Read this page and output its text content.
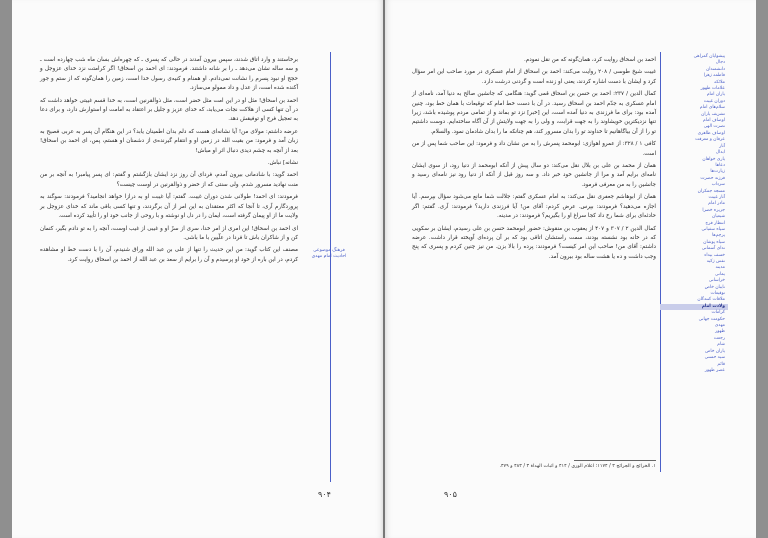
برخاستند و وارد اتاق شدند، سپس بیرون آمدند در حالی که پسری ـ که چهره‌اش بسان ماه شب چهارده است ـ و سه ساله نشان می‌دهد ـ را بر شانه داشتند. فرمودند: ای احمد بن اسحاق! اگر کرامتت نزد خدای عزوجل و حجج او نبود پسرم را نشانت نمی‌دادم. او همنام و کنیه‌ی رسول خدا است، زمین را همان‌گونه که از ستم و جور آکنده شده است، از عدل و داد ممولو می‌سازد.

احمد بن اسحاق! مثل او در این امت مثل خضر است، مثل ذوالقرنین است، به خدا قسم غیبتی خواهد داشت که در آن تنها کسی از هلاکت نجات می‌یابد، که خدای عزیز و جلیل بر اعتقاد به امامت او استوارش دارد، و برای دعا به تعجیل فرج او توفیقش دهد.

عرضه داشتم: مولای من! آیا نشانه‌ای هست که دلم بدان اطمینان یابد؟ در این هنگام آن پسر به عربی فصیح به زبان آمد و فرمود: من بقیت الله در زمین او و انتقام گیرنده‌ی از دشمنان او هستم، پس، ای احمد بن اسحاق! بعد از آنچه به چشم دیدی دنبال اثر او مباش!

نشانه] نباش.

احمد گوید: با شادمانی بیرون آمدم، فردای آن روز نزد ایشان بازگشتم و گفتم: ای پسر پیامبر! به آنچه بر من منت نهادید مسرور شدم. ولی سنتی که از خضر و ذوالقرنین در اوست چیست؟

فرمودند: ای احمد! طولانی شدن دوران غیبت. گفتم: آیا غیبت او به درازا خواهد انجامید؟ فرمودند: سوگند به پروردگارم آری، تا آنجا که اکثر معتقدان به این امر از آن برگردند، و تنها کسی باقی ماند که خدای عزوجل بر ولایت ما از او پیمان گرفته است، ایمان را در دل او نوشته و با روحی از جانب خود او را تأیید کرده است.

ای احمد بن اسحاق! این امری از امر خدا، سری از سرّ او و غیبی از غیب اوست، آنچه را به تو دادم بگیر، کتمان کن و از شاکران باش تا فردا در علّیین با ما باشی.

مصنف این کتاب گوید: من این حدیث را تنها از علی بن عبد الله وراق شنیدم، آن را با دست خط او مشاهده کردم، در این باره از خود او پرسیدم و آن را برایم از سعد بن عبد الله از احمد بن اسحاق روایت کرد.

فرهنگ موضوعی احادیث امام مهدی
۹۰۴

احمد بن اسحاق روایت کرد، همان‌گونه که من نقل نمودم.

غیبت شیخ طوسی / ۲۰۸ روایت می‌کند: احمد بن اسحاق از امام عسکری در مورد صاحب این امر سؤال کرد و ایشان با دست اشاره کردند، یعنی او زنده است و گردنی درشت دارد.

کمال الدین / ۲۳۷: احمد بن حسن بن اسحاق قمی گوید: هنگامی که جانشین صالح به دنیا آمد، نامه‌ای از امام عسکری به جدّم احمد بن اسحاق رسید. در آن با دست خط امام که توقیعات با همان خط بود، چنین آمده بود: برای ما فرزندی به دنیا آمده است، این [خبر] نزد تو بماند و از تمامی مردم پوشیده باشد، زیرا تنها نزدیکترین خویشاوند را به جهت قرابت، و ولی را به جهت ولایتش از آن آگاه ساخته‌ایم. دوست داشتیم تو را از آن بیاگاهانیم تا خداوند تو را بدان مسرور کند، هم چنانکه ما را بدان شادمان نمود. والسلام.

کافی ۱ / ۳۲۸: از عمرو اهوازی: ابومحمد پسرش را به من نشان داد و فرمود: این صاحب شما پس از من است.

همان از محمد بن علی بن بلال نقل می‌کند: دو سال پیش از آنکه ابومحمد از دنیا رود، از سوی ایشان نامه‌ای برایم آمد و مرا از جانشین خود خبر داد. و سه روز قبل از آنکه از دنیا رود نیز نامه‌ای رسید و جانشین را به من معرفی فرمود.

همان از ابوهاشم جعفری نقل می‌کند: به امام عسکری گفتم: جلالت شما مانع می‌شود سؤال بپرسم. آیا اجازه می‌دهید؟ فرمودند: بپرس. عرض کردم: آقای من! آیا فرزندی دارید؟ فرمودند: آری. گفتم: اگر حادثه‌ای برای شما رخ داد کجا سراغ او را بگیریم؟ فرمودند: در مدینه.

کمال الدین ۲ / ۳۰۷ و ۴۰۷ از یعقوب بن منقوش: حضور ابومحمد حسن بن علی رسیدم، ایشان بر سکویی که در خانه بود نشسته بودند، سمت راستشان اتاقی بود که بر آن پرده‌ای آویخته قرار داشت. عرضه داشتم: آقای من! صاحب این امر کیست؟ فرمودند: پرده را بالا بزن. من نیز چنین کردم و پسری که پنج وجب داشت و ده یا هشت ساله بود بیرون آمد.

پیشوایان گمراهی
دجال
دانشمندان
فاطمه زهرا
ملائکه
علامات ظهور
یاران امام
دوران غیبت
سلام‌های امام
تشریف یاران
اوصاف امام
نصرت الهی
اوصاف ظاهری
عرفان و معرفت
آثار
ابدال
یاری خواهان
دعاها
زیارت‌ها
فرزند حضرت
سرداب
مسجد جمکران
آثار غیبت
مادر امام
جزیره خضرا
شیعیان
انتظار فرج
سپاه سفیانی
پرچم‌ها
سیاه پوشان
ندای آسمانی
خسف بیداء
نفس زکیه
مدینه
یمانی
خراسانی
نایبان خاص
توقیعات
ملاقات کنندگان
ولادت امام
کرامات
حکومت جهانی
مهدی
ظهور
رجعت
شام
یاران خاص
سید حسنی
قائم
عصر ظهور
۱. الخرائج و الجرائح ۳ / ۱۱۷۴؛ اعلام الوری / ۴۱۴ و اثبات الهداة ۳ / ۴۸۳ و ۴۷۹.
۹۰۵
